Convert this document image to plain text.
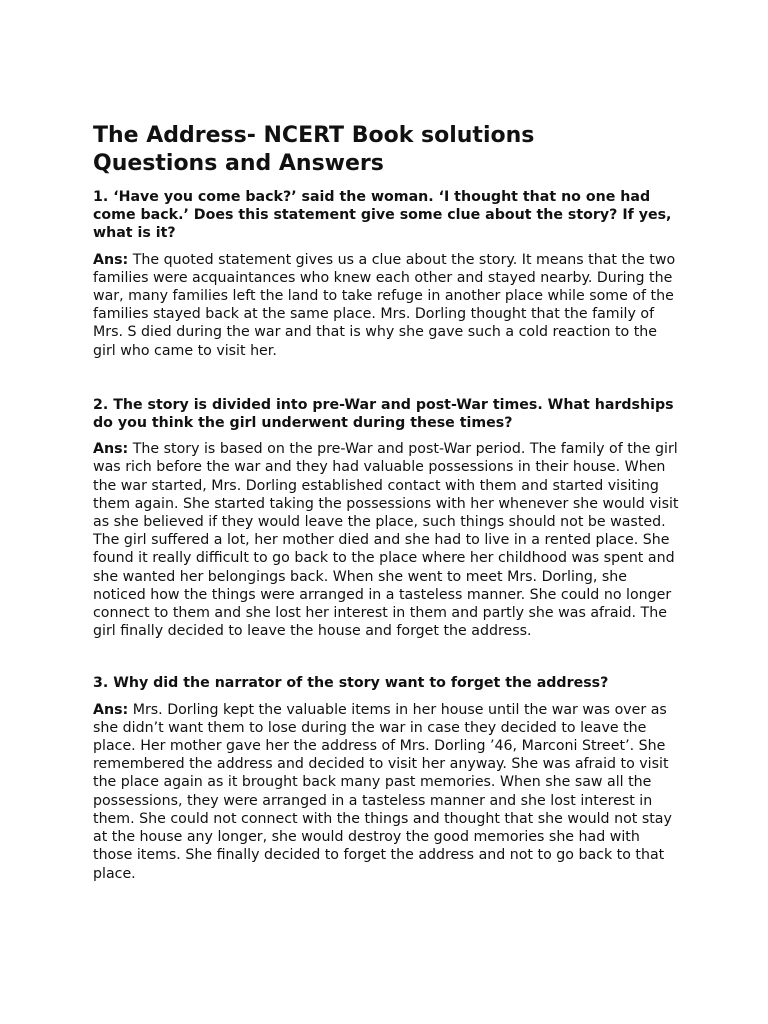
The Address- NCERT Book solutions
Questions and Answers

1. ‘Have you come back?’ said the woman. ‘I thought that no one had come back.’ Does this statement give some clue about the story? If yes, what is it?

Ans: The quoted statement gives us a clue about the story. It means that the two families were acquaintances who knew each other and stayed nearby. During the war, many families left the land to take refuge in another place while some of the families stayed back at the same place. Mrs. Dorling thought that the family of Mrs. S died during the war and that is why she gave such a cold reaction to the girl who came to visit her.

2. The story is divided into pre-War and post-War times. What hardships do you think the girl underwent during these times?

Ans: The story is based on the pre-War and post-War period. The family of the girl was rich before the war and they had valuable possessions in their house. When the war started, Mrs. Dorling established contact with them and started visiting them again. She started taking the possessions with her whenever she would visit as she believed if they would leave the place, such things should not be wasted. The girl suffered a lot, her mother died and she had to live in a rented place. She found it really difficult to go back to the place where her childhood was spent and she wanted her belongings back. When she went to meet Mrs. Dorling, she noticed how the things were arranged in a tasteless manner. She could no longer connect to them and she lost her interest in them and partly she was afraid. The girl finally decided to leave the house and forget the address.

3. Why did the narrator of the story want to forget the address?

Ans: Mrs. Dorling kept the valuable items in her house until the war was over as she didn’t want them to lose during the war in case they decided to leave the place. Her mother gave her the address of Mrs. Dorling ’46, Marconi Street’. She remembered the address and decided to visit her anyway. She was afraid to visit the place again as it brought back many past memories. When she saw all the possessions, they were arranged in a tasteless manner and she lost interest in them. She could not connect with the things and thought that she would not stay at the house any longer, she would destroy the good memories she had with those items. She finally decided to forget the address and not to go back to that place.
